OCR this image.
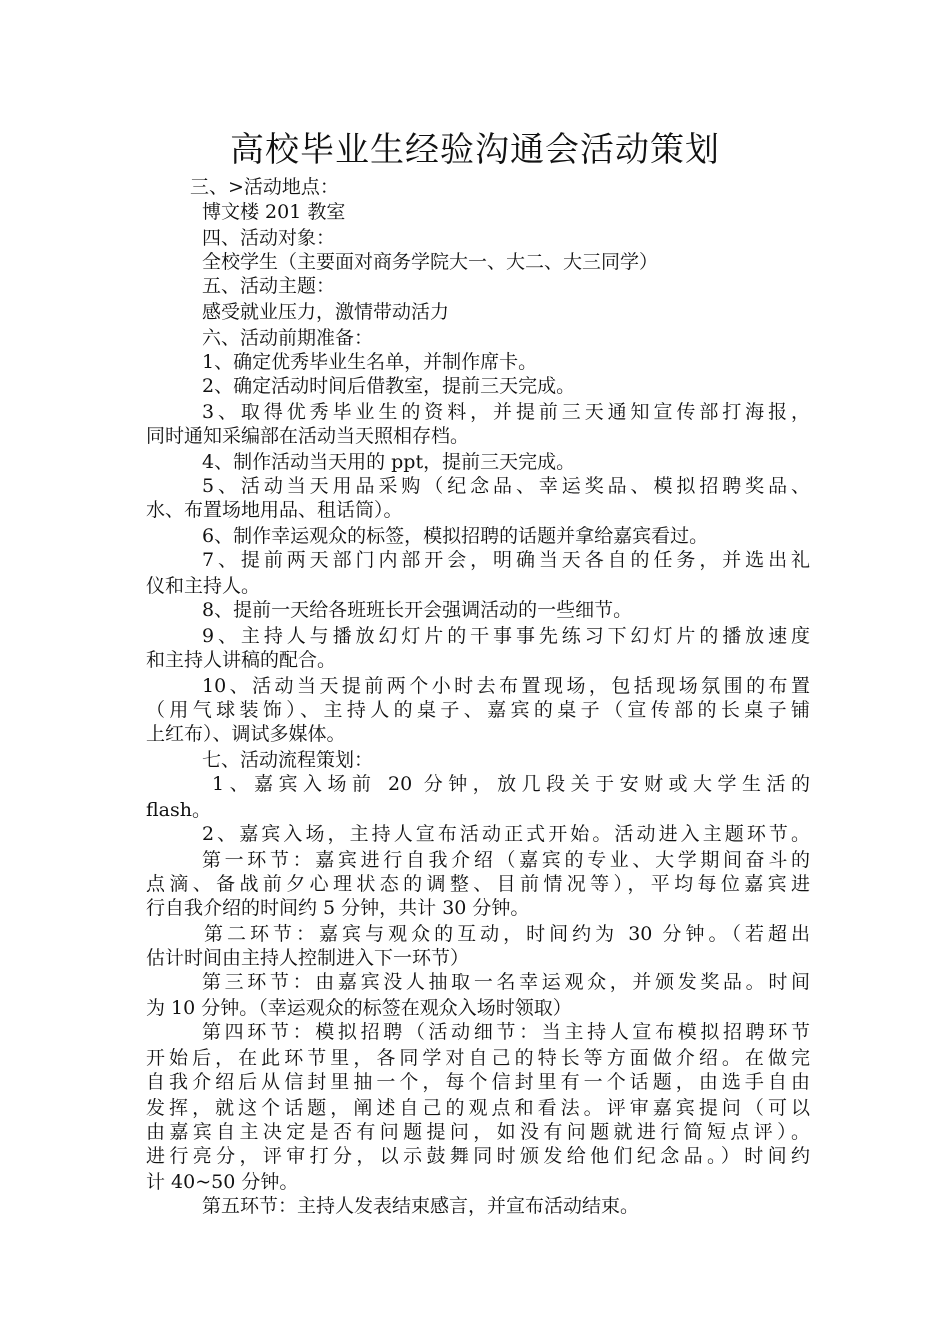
高校毕业生经验沟通会活动策划
三、>活动地点：
博文楼 201 教室
四、活动对象：
全校学生（主要面对商务学院大一、大二、大三同学）
五、活动主题：
感受就业压力，激情带动活力
六、活动前期准备：
1、确定优秀毕业生名单，并制作席卡。
2、确定活动时间后借教室，提前三天完成。
3、取得优秀毕业生的资料，并提前三天通知宣传部打海报，
同时通知采编部在活动当天照相存档。
4、制作活动当天用的 ppt，提前三天完成。
5、活动当天用品采购（纪念品、幸运奖品、模拟招聘奖品、
水、布置场地用品、租话筒）。
6、制作幸运观众的标签，模拟招聘的话题并拿给嘉宾看过。
7、提前两天部门内部开会，明确当天各自的任务，并选出礼
仪和主持人。
8、提前一天给各班班长开会强调活动的一些细节。
9、主持人与播放幻灯片的干事事先练习下幻灯片的播放速度
和主持人讲稿的配合。
10、活动当天提前两个小时去布置现场，包括现场氛围的布置
（用气球装饰）、主持人的桌子、嘉宾的桌子（宣传部的长桌子铺
上红布）、调试多媒体。
七、活动流程策划：
1、嘉宾入场前 20 分钟，放几段关于安财或大学生活的
flash。
2、嘉宾入场，主持人宣布活动正式开始。活动进入主题环节。
第一环节：嘉宾进行自我介绍（嘉宾的专业、大学期间奋斗的
点滴、备战前夕心理状态的调整、目前情况等），平均每位嘉宾进
行自我介绍的时间约 5 分钟，共计 30 分钟。
第二环节：嘉宾与观众的互动，时间约为 30 分钟。（若超出
估计时间由主持人控制进入下一环节）
第三环节：由嘉宾没人抽取一名幸运观众，并颁发奖品。时间
为 10 分钟。（幸运观众的标签在观众入场时领取）
第四环节：模拟招聘（活动细节：当主持人宣布模拟招聘环节
开始后，在此环节里，各同学对自己的特长等方面做介绍。在做完
自我介绍后从信封里抽一个，每个信封里有一个话题，由选手自由
发挥，就这个话题，阐述自己的观点和看法。评审嘉宾提问（可以
由嘉宾自主决定是否有问题提问，如没有问题就进行简短点评）。
进行亮分，评审打分，以示鼓舞同时颁发给他们纪念品。）时间约
计 40~50 分钟。
第五环节：主持人发表结束感言，并宣布活动结束。
